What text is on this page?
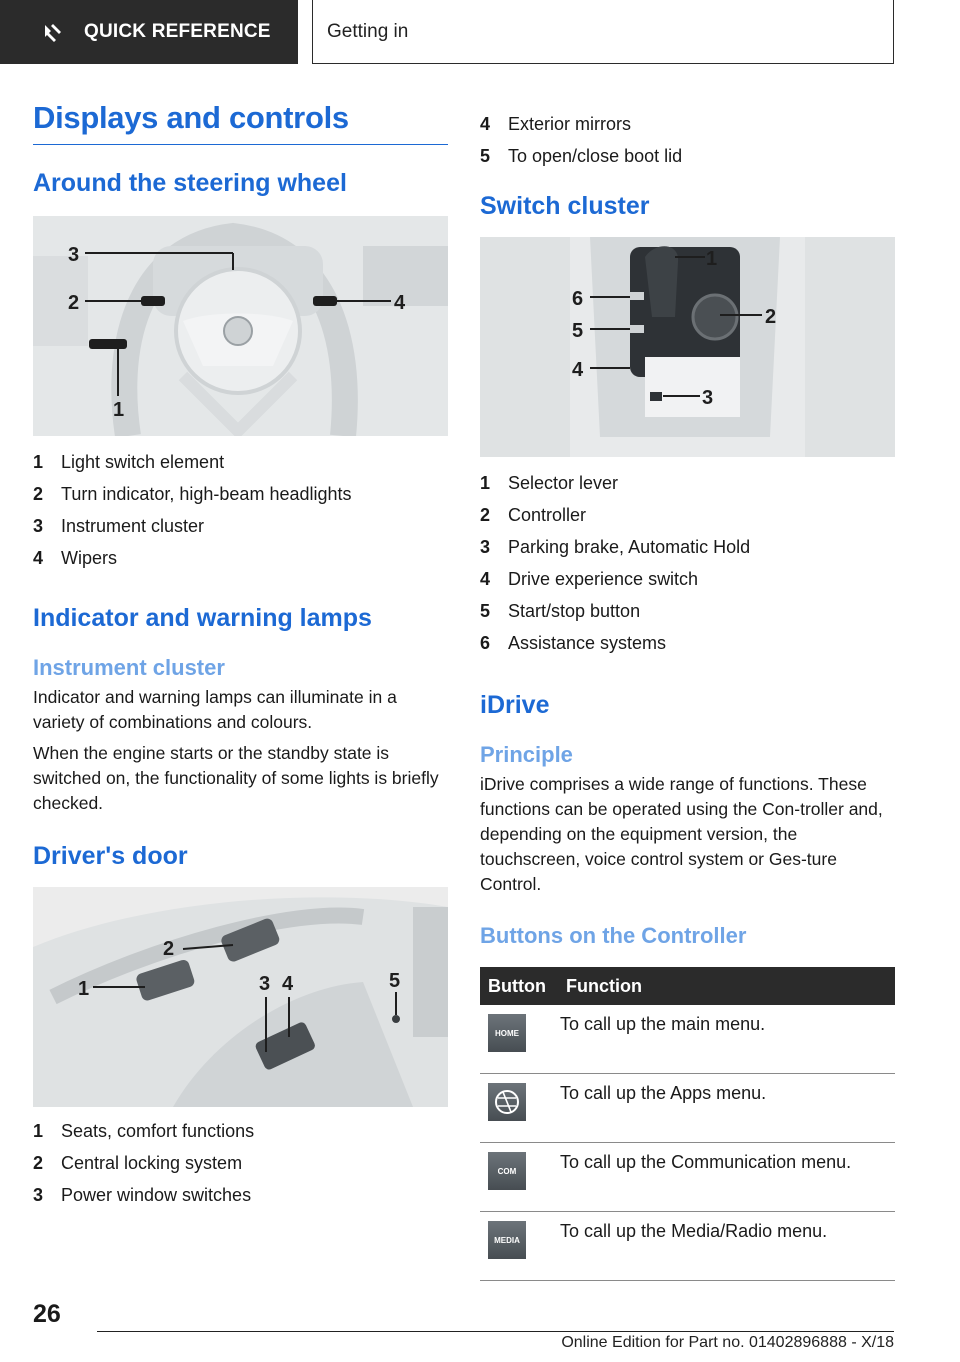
QUICK REFERENCE	Getting in
Displays and controls
Around the steering wheel
3
2	4
1
1 Light switch element
2 Turn indicator, high-beam headlights
3 Instrument cluster
4 Wipers
Indicator and warning lamps
Instrument cluster

Indicator and warning lamps can illuminate in a variety of combinations and colours.

When the engine starts or the standby state is switched on, the functionality of some lights is briefly checked.

Driver's door
1
2
3 4	5
1 Seats, comfort functions
2 Central locking system
3 Power window switches
4 Exterior mirrors
5 To open/close boot lid
Switch cluster
1
6
2
5
4
3
1 Selector lever
2 Controller
3 Parking brake, Automatic Hold
4 Drive experience switch
5 Start/stop button
6 Assistance systems
iDrive
Principle

iDrive comprises a wide range of functions. These functions can be operated using the Con-troller and, depending on the equipment version, the touchscreen, voice control system or Ges-ture Control.

Buttons on the Controller
Button	Function

HOME	To call up the main menu.

	To call up the Apps menu.

COM	To call up the Communication menu.

MEDIA	To call up the Media/Radio menu.
26
Online Edition for Part no. 01402896888 - X/18
